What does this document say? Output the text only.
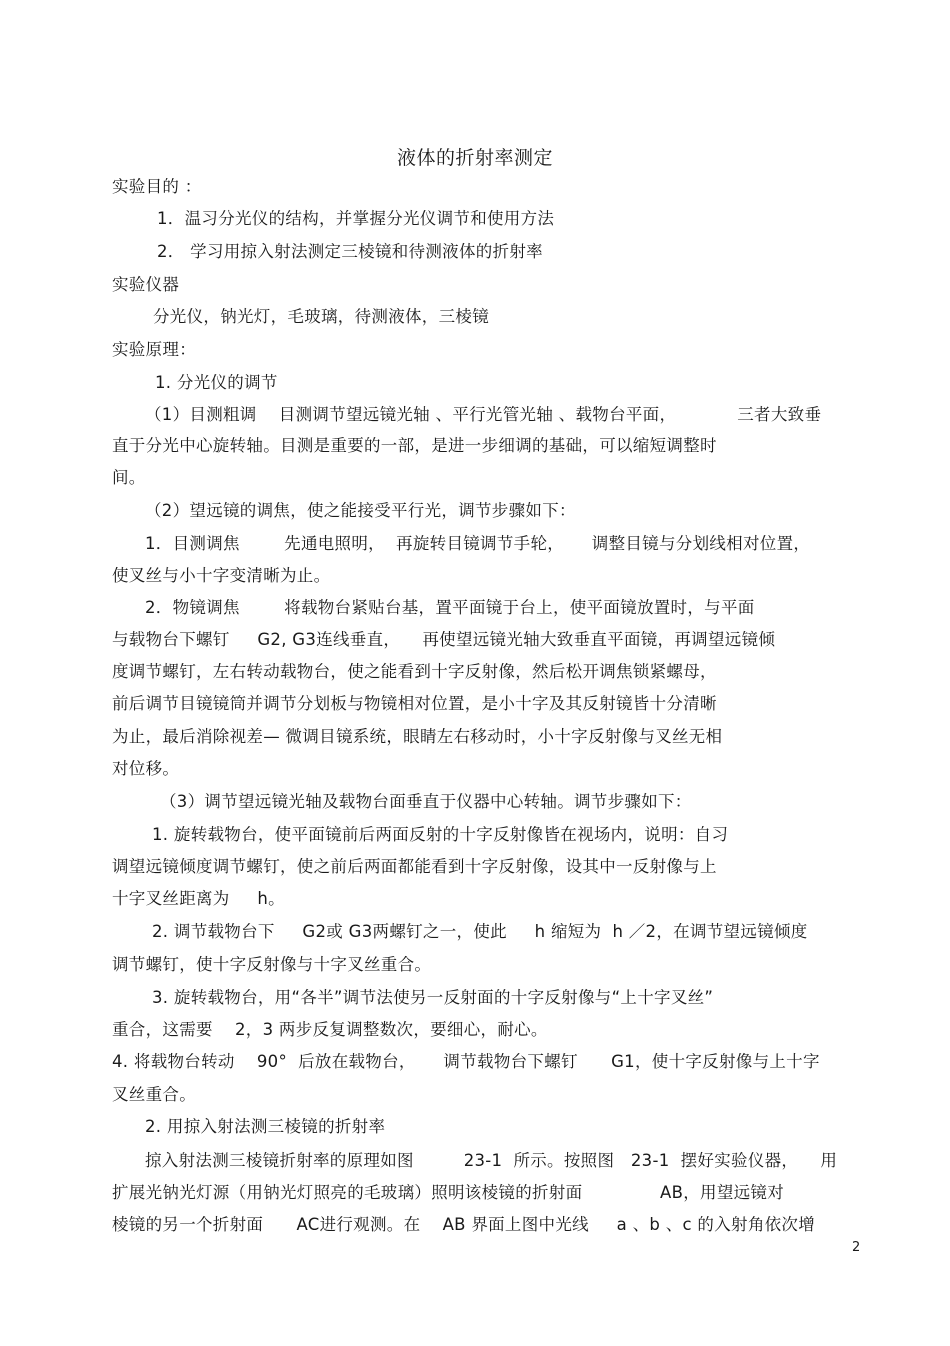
液体的折射率测定
实验目的 ：
1．温习分光仪的结构，并掌握分光仪调节和使用方法
2． 学习用掠入射法测定三棱镜和待测液体的折射率
实验仪器
分光仪，钠光灯，毛玻璃，待测液体，三棱镜
实验原理：
1. 分光仪的调节
（1）目测粗调    目测调节望远镜光轴 、平行光管光轴 、载物台平面，           三者大致垂
直于分光中心旋转轴。目测是重要的一部，是进一步细调的基础，可以缩短调整时
间。
（2）望远镜的调焦，使之能接受平行光，调节步骤如下：
1．目测调焦        先通电照明，  再旋转目镜调节手轮，     调整目镜与分划线相对位置，
使叉丝与小十字变清晰为止。
2．物镜调焦        将载物台紧贴台基，置平面镜于台上，使平面镜放置时，与平面
与载物台下螺钉     G2, G3连线垂直，    再使望远镜光轴大致垂直平面镜，再调望远镜倾
度调节螺钉，左右转动载物台，使之能看到十字反射像，然后松开调焦锁紧螺母，
前后调节目镜镜筒并调节分划板与物镜相对位置，是小十字及其反射镜皆十分清晰
为止，最后消除视差— 微调目镜系统，眼睛左右移动时，小十字反射像与叉丝无相
对位移。
（3）调节望远镜光轴及载物台面垂直于仪器中心转轴。调节步骤如下：
1. 旋转载物台，使平面镜前后两面反射的十字反射像皆在视场内，说明：自习
调望远镜倾度调节螺钉，使之前后两面都能看到十字反射像，设其中一反射像与上
十字叉丝距离为     h。
2. 调节载物台下     G2或 G3两螺钉之一，使此     h 缩短为  h ／2，在调节望远镜倾度
调节螺钉，使十字反射像与十字叉丝重合。
3. 旋转载物台，用“各半”调节法使另一反射面的十字反射像与“上十字叉丝”
重合，这需要    2，3 两步反复调整数次，要细心，耐心。
4. 将载物台转动    90°  后放在载物台，     调节载物台下螺钉      G1，使十字反射像与上十字
叉丝重合。
2. 用掠入射法测三棱镜的折射率
掠入射法测三棱镜折射率的原理如图         23-1  所示。按照图   23-1  摆好实验仪器，    用
扩展光钠光灯源（用钠光灯照亮的毛玻璃）照明该棱镜的折射面              AB，用望远镜对
棱镜的另一个折射面      AC进行观测。在    AB 界面上图中光线     a 、b 、c 的入射角依次增
2
